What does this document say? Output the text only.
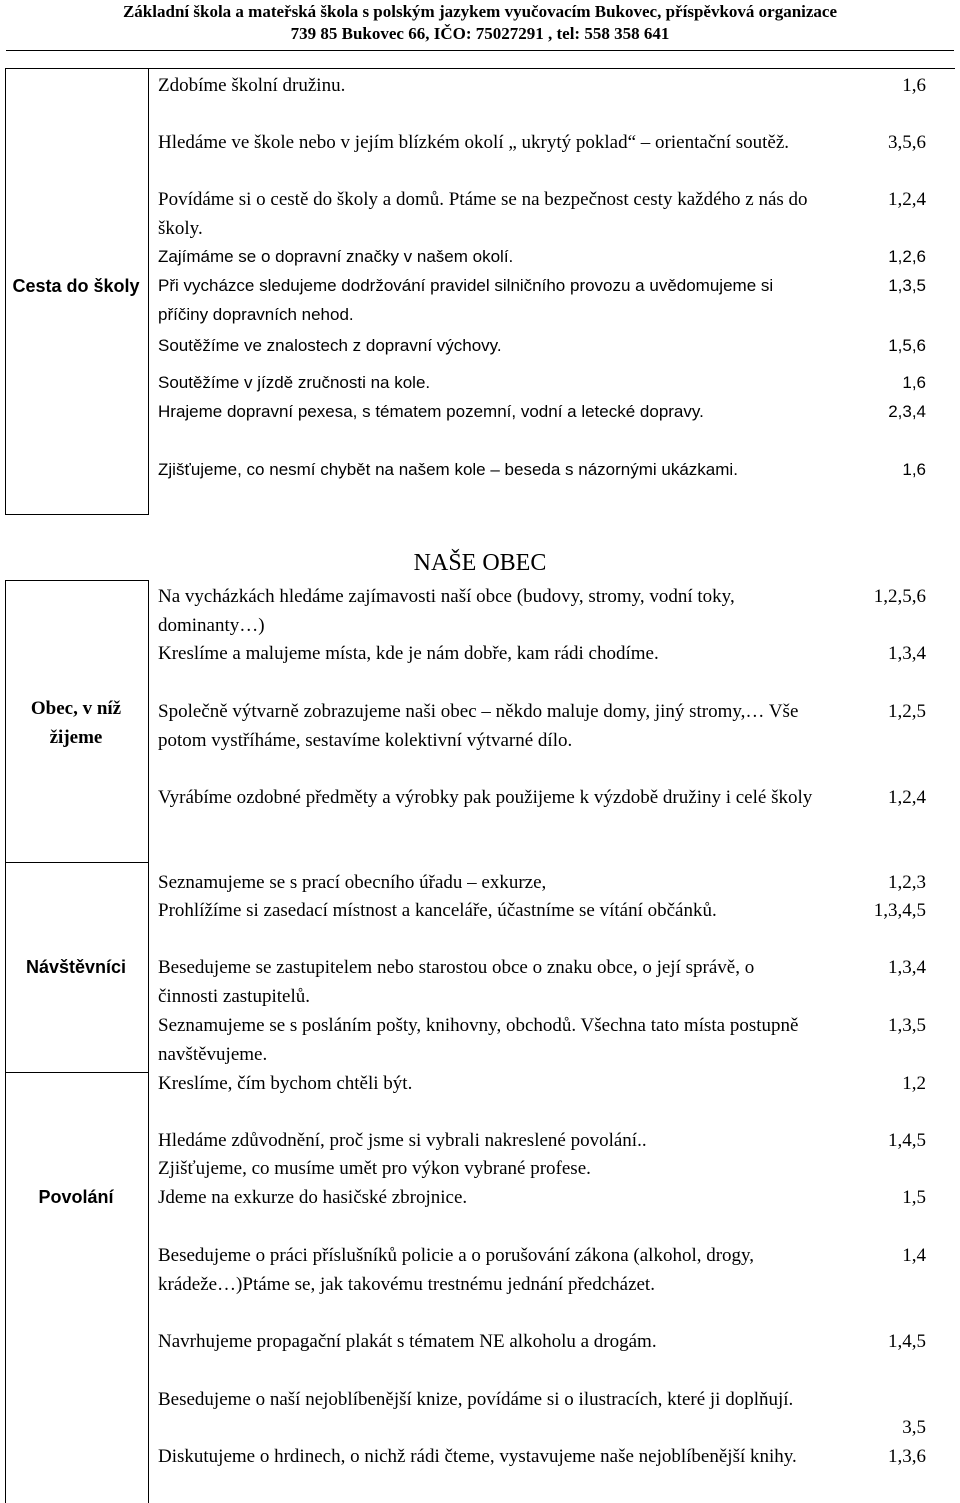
Základní škola a mateřská škola s polským jazykem vyučovacím Bukovec, příspěvková organizace
739 85 Bukovec 66, IČO: 75027291 , tel: 558 358 641
Cesta do školy
Zdobíme školní družinu.	1,6
Hledáme ve škole nebo v jejím blízkém okolí „ ukrytý poklad“ – orientační soutěž.	3,5,6
Povídáme si o cestě do školy a domů. Ptáme se na bezpečnost cesty každého z nás do školy.
1,2,4
Zajímáme se o dopravní značky v našem okolí.	1,2,6
Při vycházce sledujeme dodržování pravidel silničního provozu a uvědomujeme si příčiny dopravních nehod.
1,3,5
Soutěžíme ve znalostech z dopravní výchovy.	1,5,6
Soutěžíme v jízdě zručnosti na kole.	1,6
Hrajeme dopravní pexesa, s tématem pozemní, vodní a letecké dopravy.	2,3,4
Zjišťujeme, co nesmí chybět na našem kole – beseda s názornými ukázkami.	1,6
NAŠE OBEC
Obec, v níž žijeme
Na vycházkách hledáme zajímavosti naší obce (budovy, stromy, vodní toky, dominanty…)
1,2,5,6
Kreslíme a malujeme místa, kde je nám dobře, kam rádi chodíme.	1,3,4
Společně výtvarně zobrazujeme naši obec – někdo maluje domy, jiný stromy,… Vše potom vystříháme, sestavíme kolektivní výtvarné dílo.
1,2,5
Vyrábíme ozdobné předměty a výrobky pak použijeme k výzdobě družiny i celé školy	1,2,4
Návštěvníci
Seznamujeme se s prací obecního úřadu – exkurze,	1,2,3
Prohlížíme si zasedací místnost a kanceláře, účastníme se vítání občánků.	1,3,4,5
Besedujeme se zastupitelem nebo starostou obce o znaku obce, o její správě, o činnosti zastupitelů.
1,3,4
Seznamujeme se s posláním pošty, knihovny, obchodů. Všechna tato místa postupně navštěvujeme.
1,3,5
Kreslíme, čím bychom chtěli být.	1,2
Povolání
Hledáme zdůvodnění, proč jsme si vybrali nakreslené povolání..	1,4,5
Zjišťujeme, co musíme umět pro výkon vybrané profese.
Jdeme na exkurze do hasičské zbrojnice.	1,5
Besedujeme o práci příslušníků policie a o porušování zákona (alkohol, drogy, krádeže…)Ptáme se, jak takovému trestnému jednání předcházet.
1,4
Navrhujeme propagační plakát s tématem NE alkoholu a drogám.	1,4,5
Besedujeme o naší nejoblíbenější knize, povídáme si o ilustracích, které ji doplňují.
3,5
Diskutujeme o hrdinech, o nichž rádi čteme, vystavujeme naše nejoblíbenější knihy.	1,3,6
